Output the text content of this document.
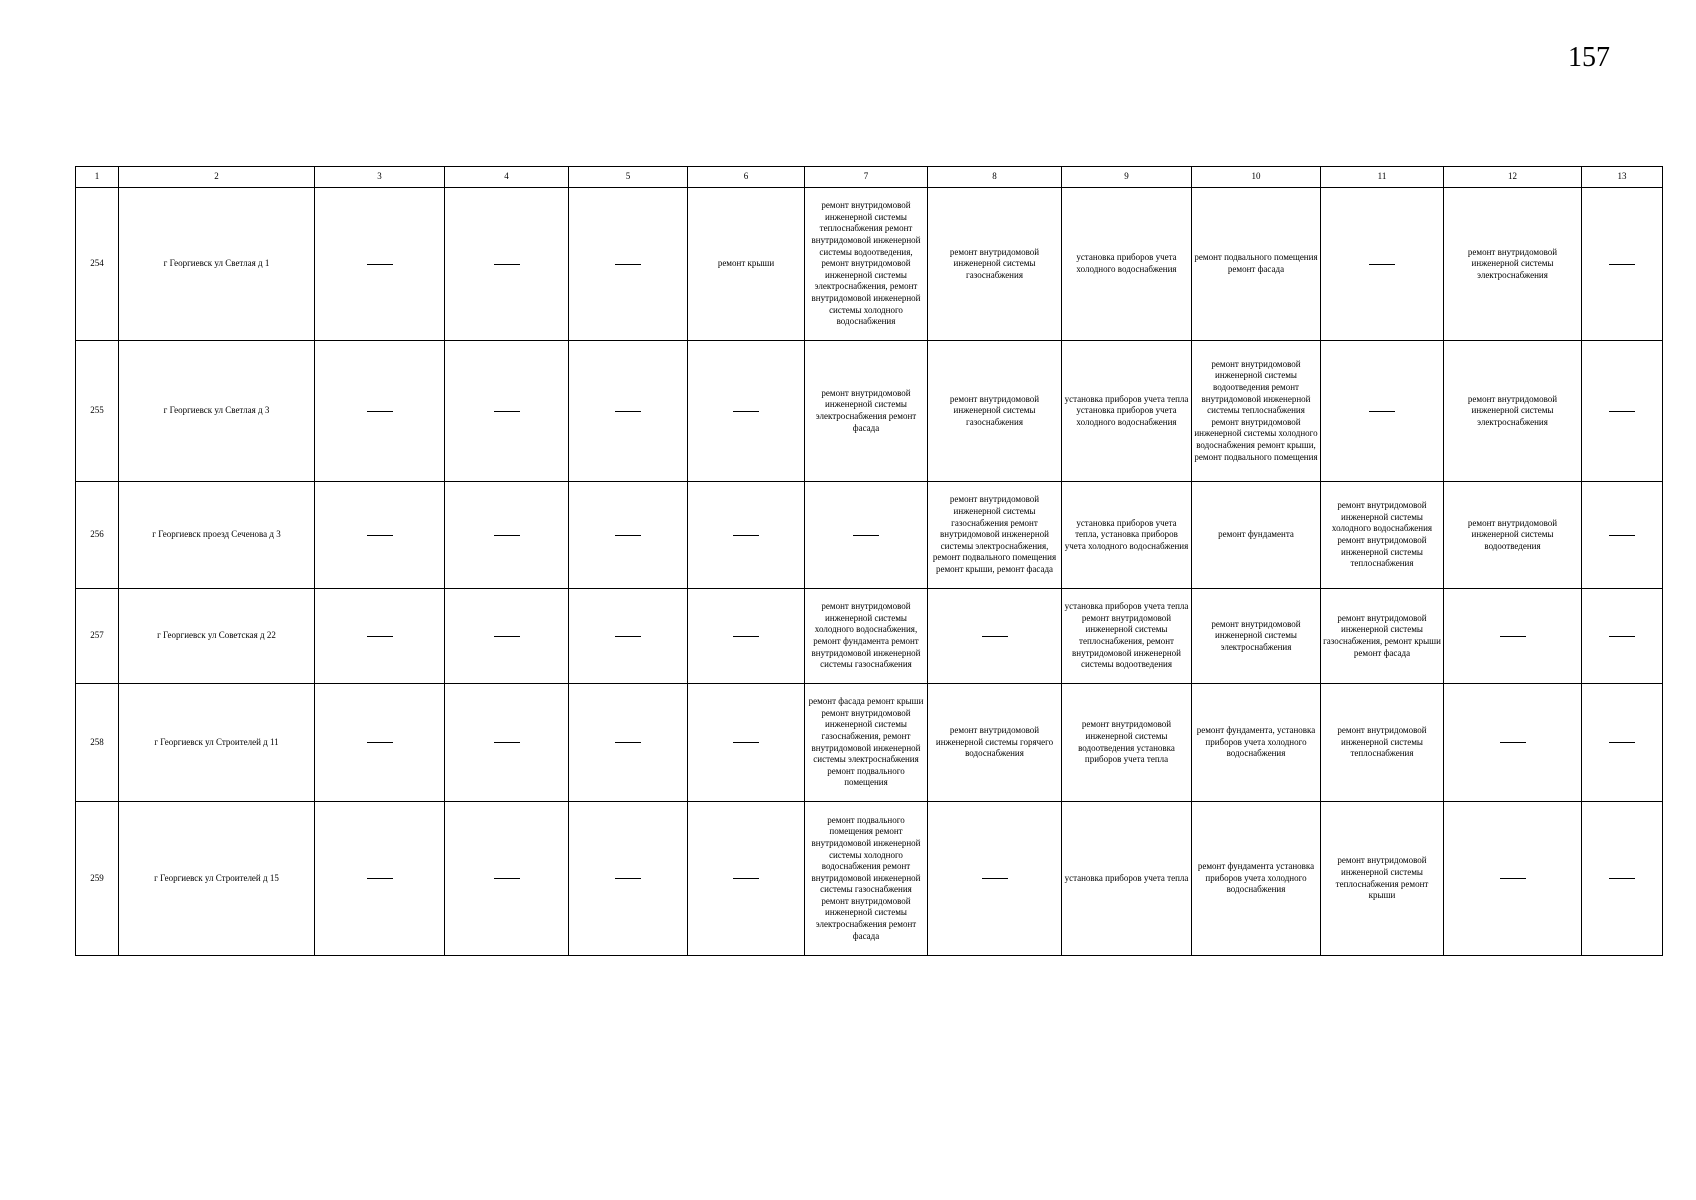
157
1	2	3	4	5	6	7	8	9	10	11	12	13
254	г Георгиевск ул Светлая д 1				ремонт крыши	ремонт внутридомовой инженерной системы теплоснабжения ремонт внутридомовой инженерной системы водоотведения, ремонт внутридомовой инженерной системы электроснабжения, ремонт внутридомовой инженерной системы холодного водоснабжения	ремонт внутридомовой инженерной системы газоснабжения	установка приборов учета холодного водоснабжения	ремонт подвального помещения ремонт фасада		ремонт внутридомовой инженерной системы электроснабжения	
255	г Георгиевск ул Светлая д 3					ремонт внутридомовой инженерной системы электроснабжения ремонт фасада	ремонт внутридомовой инженерной системы газоснабжения	установка приборов учета тепла установка приборов учета холодного водоснабжения	ремонт внутридомовой инженерной системы водоотведения ремонт внутридомовой инженерной системы теплоснабжения ремонт внутридомовой инженерной системы холодного водоснабжения ремонт крыши, ремонт подвального помещения		ремонт внутридомовой инженерной системы электроснабжения	
256	г Георгиевск проезд Сеченова д 3						ремонт внутридомовой инженерной системы газоснабжения ремонт внутридомовой инженерной системы электроснабжения, ремонт подвального помещения ремонт крыши, ремонт фасада	установка приборов учета тепла, установка приборов учета холодного водоснабжения	ремонт фундамента	ремонт внутридомовой инженерной системы холодного водоснабжения ремонт внутридомовой инженерной системы теплоснабжения	ремонт внутридомовой инженерной системы водоотведения	
257	г Георгиевск ул Советская д 22					ремонт внутридомовой инженерной системы холодного водоснабжения, ремонт фундамента ремонт внутридомовой инженерной системы газоснабжения		установка приборов учета тепла ремонт внутридомовой инженерной системы теплоснабжения, ремонт внутридомовой инженерной системы водоотведения	ремонт внутридомовой инженерной системы электроснабжения	ремонт внутридомовой инженерной системы газоснабжения, ремонт крыши ремонт фасада		
258	г Георгиевск ул Строителей д 11					ремонт фасада ремонт крыши ремонт внутридомовой инженерной системы газоснабжения, ремонт внутридомовой инженерной системы электроснабжения ремонт подвального помещения	ремонт внутридомовой инженерной системы горячего водоснабжения	ремонт внутридомовой инженерной системы водоотведения установка приборов учета тепла	ремонт фундамента, установка приборов учета холодного водоснабжения	ремонт внутридомовой инженерной системы теплоснабжения		
259	г Георгиевск ул Строителей д 15					ремонт подвального помещения ремонт внутридомовой инженерной системы холодного водоснабжения ремонт внутридомовой инженерной системы газоснабжения ремонт внутридомовой инженерной системы электроснабжения ремонт фасада		установка приборов учета тепла	ремонт фундамента установка приборов учета холодного водоснабжения	ремонт внутридомовой инженерной системы теплоснабжения ремонт крыши		
